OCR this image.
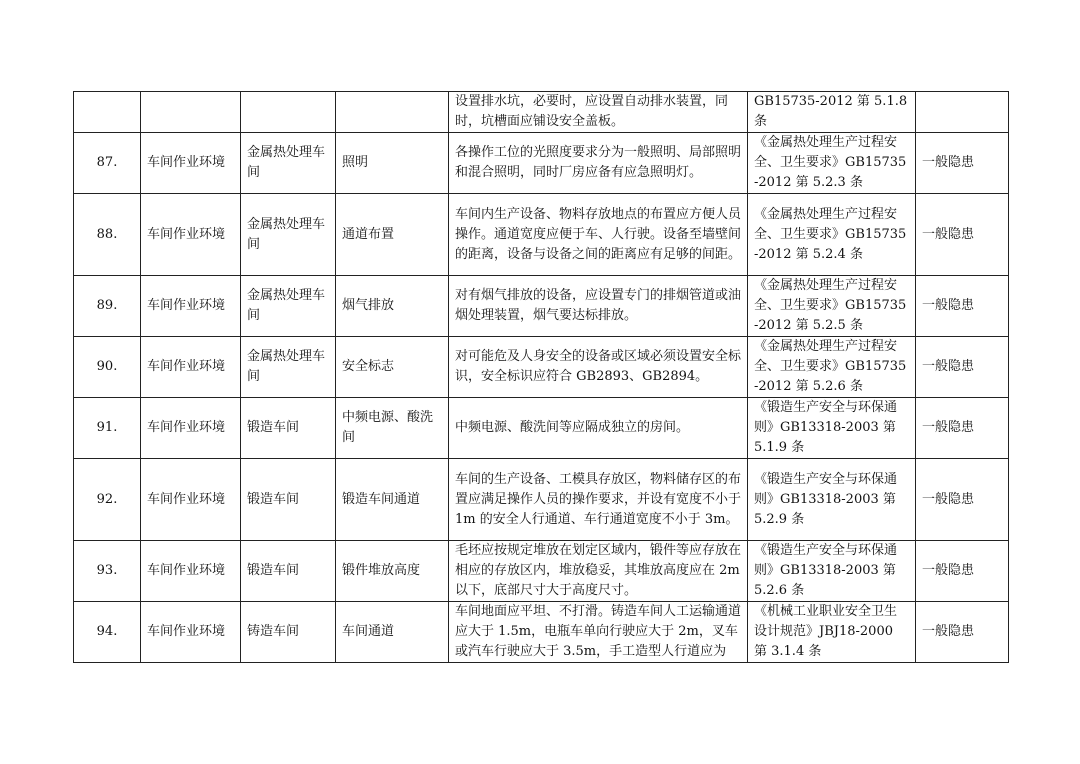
				设置排水坑，必要时，应设置自动排水装置，同时，坑槽面应铺设安全盖板。	GB15735-2012 第 5.1.8 条	
87.	车间作业环境	金属热处理车间	照明	各操作工位的光照度要求分为一般照明、局部照明和混合照明，同时厂房应备有应急照明灯。	《金属热处理生产过程安全、卫生要求》GB15735-2012 第 5.2.3 条	一般隐患
88.	车间作业环境	金属热处理车间	通道布置	车间内生产设备、物料存放地点的布置应方便人员操作。通道宽度应便于车、人行驶。设备至墙壁间的距离，设备与设备之间的距离应有足够的间距。	《金属热处理生产过程安全、卫生要求》GB15735-2012 第 5.2.4 条	一般隐患
89.	车间作业环境	金属热处理车间	烟气排放	对有烟气排放的设备，应设置专门的排烟管道或油烟处理装置，烟气要达标排放。	《金属热处理生产过程安全、卫生要求》GB15735-2012 第 5.2.5 条	一般隐患
90.	车间作业环境	金属热处理车间	安全标志	对可能危及人身安全的设备或区域必须设置安全标识，安全标识应符合 GB2893、GB2894。	《金属热处理生产过程安全、卫生要求》GB15735-2012 第 5.2.6 条	一般隐患
91.	车间作业环境	锻造车间	中频电源、酸洗间	中频电源、酸洗间等应隔成独立的房间。	《锻造生产安全与环保通则》GB13318-2003 第 5.1.9 条	一般隐患
92.	车间作业环境	锻造车间	锻造车间通道	车间的生产设备、工模具存放区，物料储存区的布置应满足操作人员的操作要求，并设有宽度不小于 1m 的安全人行通道、车行通道宽度不小于 3m。	《锻造生产安全与环保通则》GB13318-2003 第 5.2.9 条	一般隐患
93.	车间作业环境	锻造车间	锻件堆放高度	毛坯应按规定堆放在划定区域内，锻件等应存放在相应的存放区内，堆放稳妥，其堆放高度应在 2m 以下，底部尺寸大于高度尺寸。	《锻造生产安全与环保通则》GB13318-2003 第 5.2.6 条	一般隐患
94.	车间作业环境	铸造车间	车间通道	车间地面应平坦、不打滑。铸造车间人工运输通道应大于 1.5m，电瓶车单向行驶应大于 2m，叉车或汽车行驶应大于 3.5m，手工造型人行道应为	《机械工业职业安全卫生设计规范》JBJ18-2000 第 3.1.4 条	一般隐患
